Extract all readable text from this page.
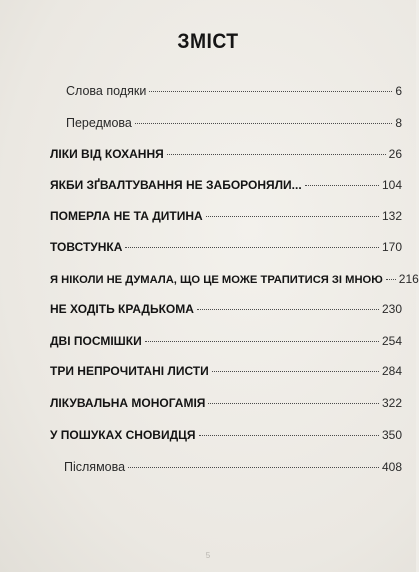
ЗМІСТ
Слова подяки	6
Передмова	8
ЛІКИ ВІД КОХАННЯ	26
ЯКБИ ЗҐВАЛТУВАННЯ НЕ ЗАБОРОНЯЛИ...	104
ПОМЕРЛА НЕ ТА ДИТИНА	132
ТОВСТУНКА	170
Я НІКОЛИ НЕ ДУМАЛА, ЩО ЦЕ МОЖЕ ТРАПИТИСЯ ЗІ МНОЮ 216
НЕ ХОДІТЬ КРАДЬКОМА	230
ДВІ ПОСМІШКИ	254
ТРИ НЕПРОЧИТАНІ ЛИСТИ	284
ЛІКУВАЛЬНА МОНОГАМІЯ	322
У ПОШУКАХ СНОВИДЦЯ	350
Післямова	408
5
